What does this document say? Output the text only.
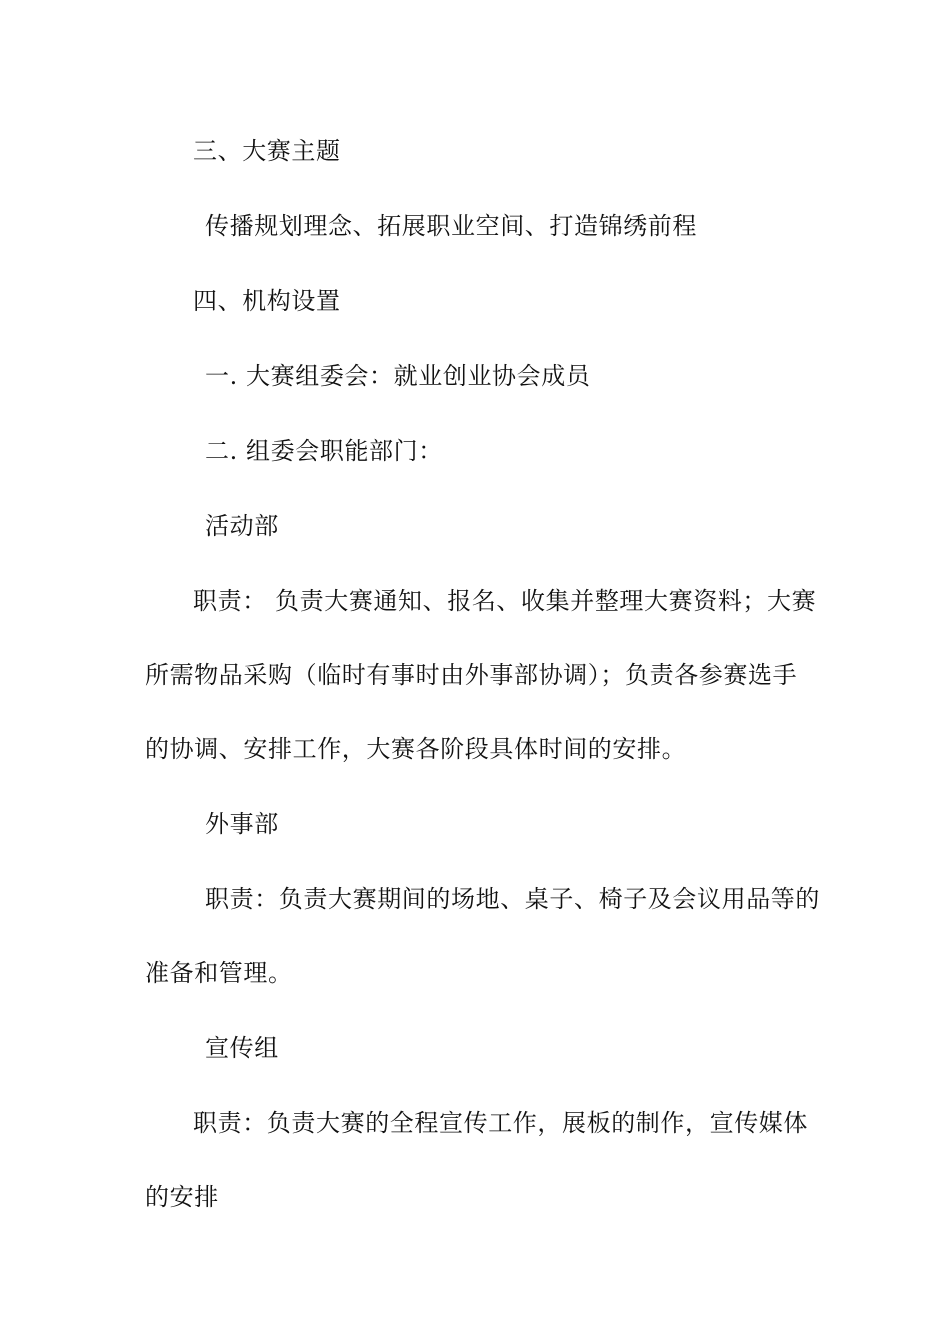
三、大赛主题
传播规划理念、拓展职业空间、打造锦绣前程
四、机构设置
一. 大赛组委会：就业创业协会成员
二. 组委会职能部门：
活动部
职责： 负责大赛通知、报名、收集并整理大赛资料；大赛
所需物品采购（临时有事时由外事部协调）；负责各参赛选手
的协调、安排工作，大赛各阶段具体时间的安排。
外事部
职责：负责大赛期间的场地、桌子、椅子及会议用品等的
准备和管理。
宣传组
职责：负责大赛的全程宣传工作，展板的制作，宣传媒体
的安排
